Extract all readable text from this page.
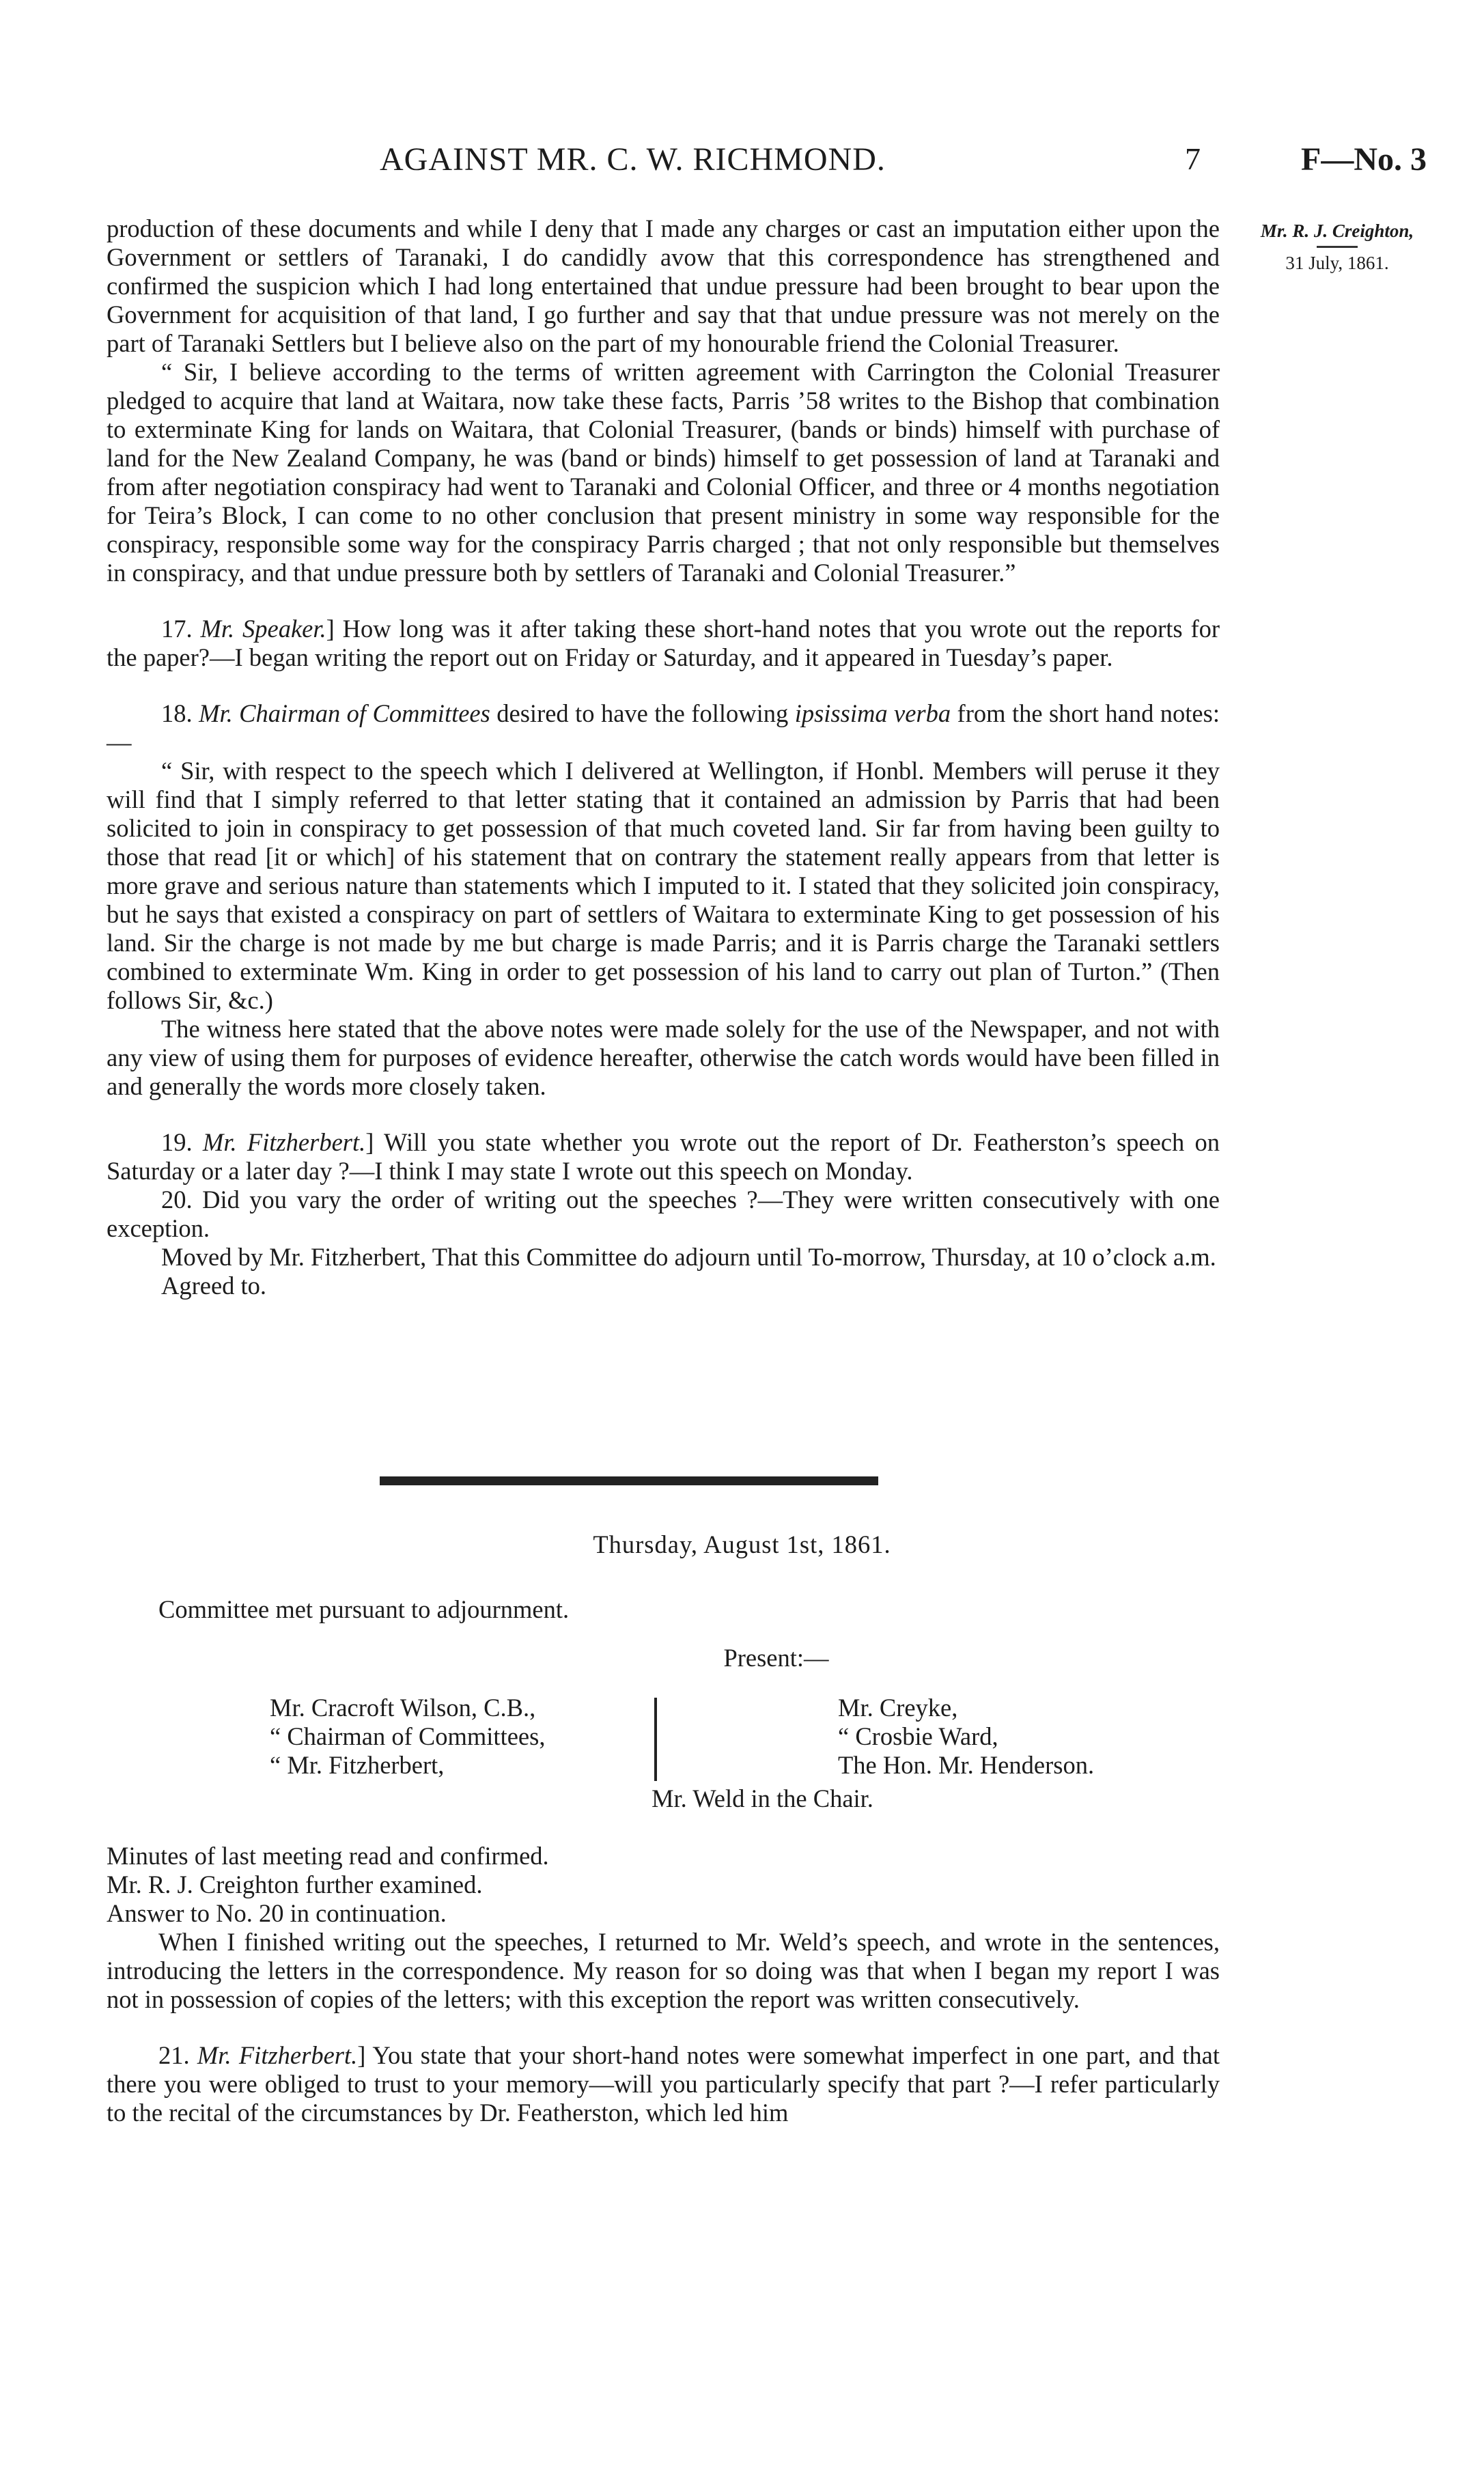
AGAINST MR. C. W. RICHMOND.	7	F—No. 3
Mr. R. J. Creighton,
31 July, 1861.

production of these documents and while I deny that I made any charges or cast an imputation either upon the Government or settlers of Taranaki, I do candidly avow that this correspondence has strengthened and confirmed the suspicion which I had long entertained that undue pressure had been brought to bear upon the Government for acquisition of that land, I go further and say that that undue pressure was not merely on the part of Taranaki Settlers but I believe also on the part of my honourable friend the Colonial Treasurer.

“ Sir, I believe according to the terms of written agreement with Carrington the Colonial Treasurer pledged to acquire that land at Waitara, now take these facts, Parris ’58 writes to the Bishop that combination to exterminate King for lands on Waitara, that Colonial Treasurer, (bands or binds) himself with purchase of land for the New Zealand Company, he was (band or binds) himself to get possession of land at Taranaki and from after negotiation conspiracy had went to Taranaki and Colonial Officer, and three or 4 months negotiation for Teira’s Block, I can come to no other conclusion that present ministry in some way responsible for the conspiracy, responsible some way for the conspiracy Parris charged ; that not only responsible but themselves in conspiracy, and that undue pressure both by settlers of Taranaki and Colonial Treasurer.”

17. Mr. Speaker.] How long was it after taking these short-hand notes that you wrote out the reports for the paper?—I began writing the report out on Friday or Saturday, and it appeared in Tuesday’s paper.

18. Mr. Chairman of Committees desired to have the following ipsissima verba from the short hand notes:—

“ Sir, with respect to the speech which I delivered at Wellington, if Honbl. Members will peruse it they will find that I simply referred to that letter stating that it contained an admission by Parris that had been solicited to join in conspiracy to get possession of that much coveted land. Sir far from having been guilty to those that read [it or which] of his statement that on contrary the statement really appears from that letter is more grave and serious nature than statements which I imputed to it. I stated that they solicited join conspiracy, but he says that existed a conspiracy on part of settlers of Waitara to exterminate King to get possession of his land. Sir the charge is not made by me but charge is made Parris; and it is Parris charge the Taranaki settlers combined to exterminate Wm. King in order to get possession of his land to carry out plan of Turton.” (Then follows Sir, &c.)

The witness here stated that the above notes were made solely for the use of the Newspaper, and not with any view of using them for purposes of evidence hereafter, otherwise the catch words would have been filled in and generally the words more closely taken.

19. Mr. Fitzherbert.] Will you state whether you wrote out the report of Dr. Featherston’s speech on Saturday or a later day ?—I think I may state I wrote out this speech on Monday.

20. Did you vary the order of writing out the speeches ?—They were written consecutively with one exception.

Moved by Mr. Fitzherbert, That this Committee do adjourn until To-morrow, Thursday, at 10 o’clock a.m.

Agreed to.

Thursday, August 1st, 1861.
Committee met pursuant to adjournment.
Present:—
Mr. Cracroft Wilson, C.B.,
“ Chairman of Committees,
“ Mr. Fitzherbert,
Mr. Creyke,
“ Crosbie Ward,
The Hon. Mr. Henderson.
Mr. Weld in the Chair.

Minutes of last meeting read and confirmed.

Mr. R. J. Creighton further examined.

Answer to No. 20 in continuation.

When I finished writing out the speeches, I returned to Mr. Weld’s speech, and wrote in the sentences, introducing the letters in the correspondence. My reason for so doing was that when I began my report I was not in possession of copies of the letters; with this exception the report was written consecutively.

21. Mr. Fitzherbert.] You state that your short-hand notes were somewhat imperfect in one part, and that there you were obliged to trust to your memory—will you particularly specify that part ?—I refer particularly to the recital of the circumstances by Dr. Featherston, which led him
